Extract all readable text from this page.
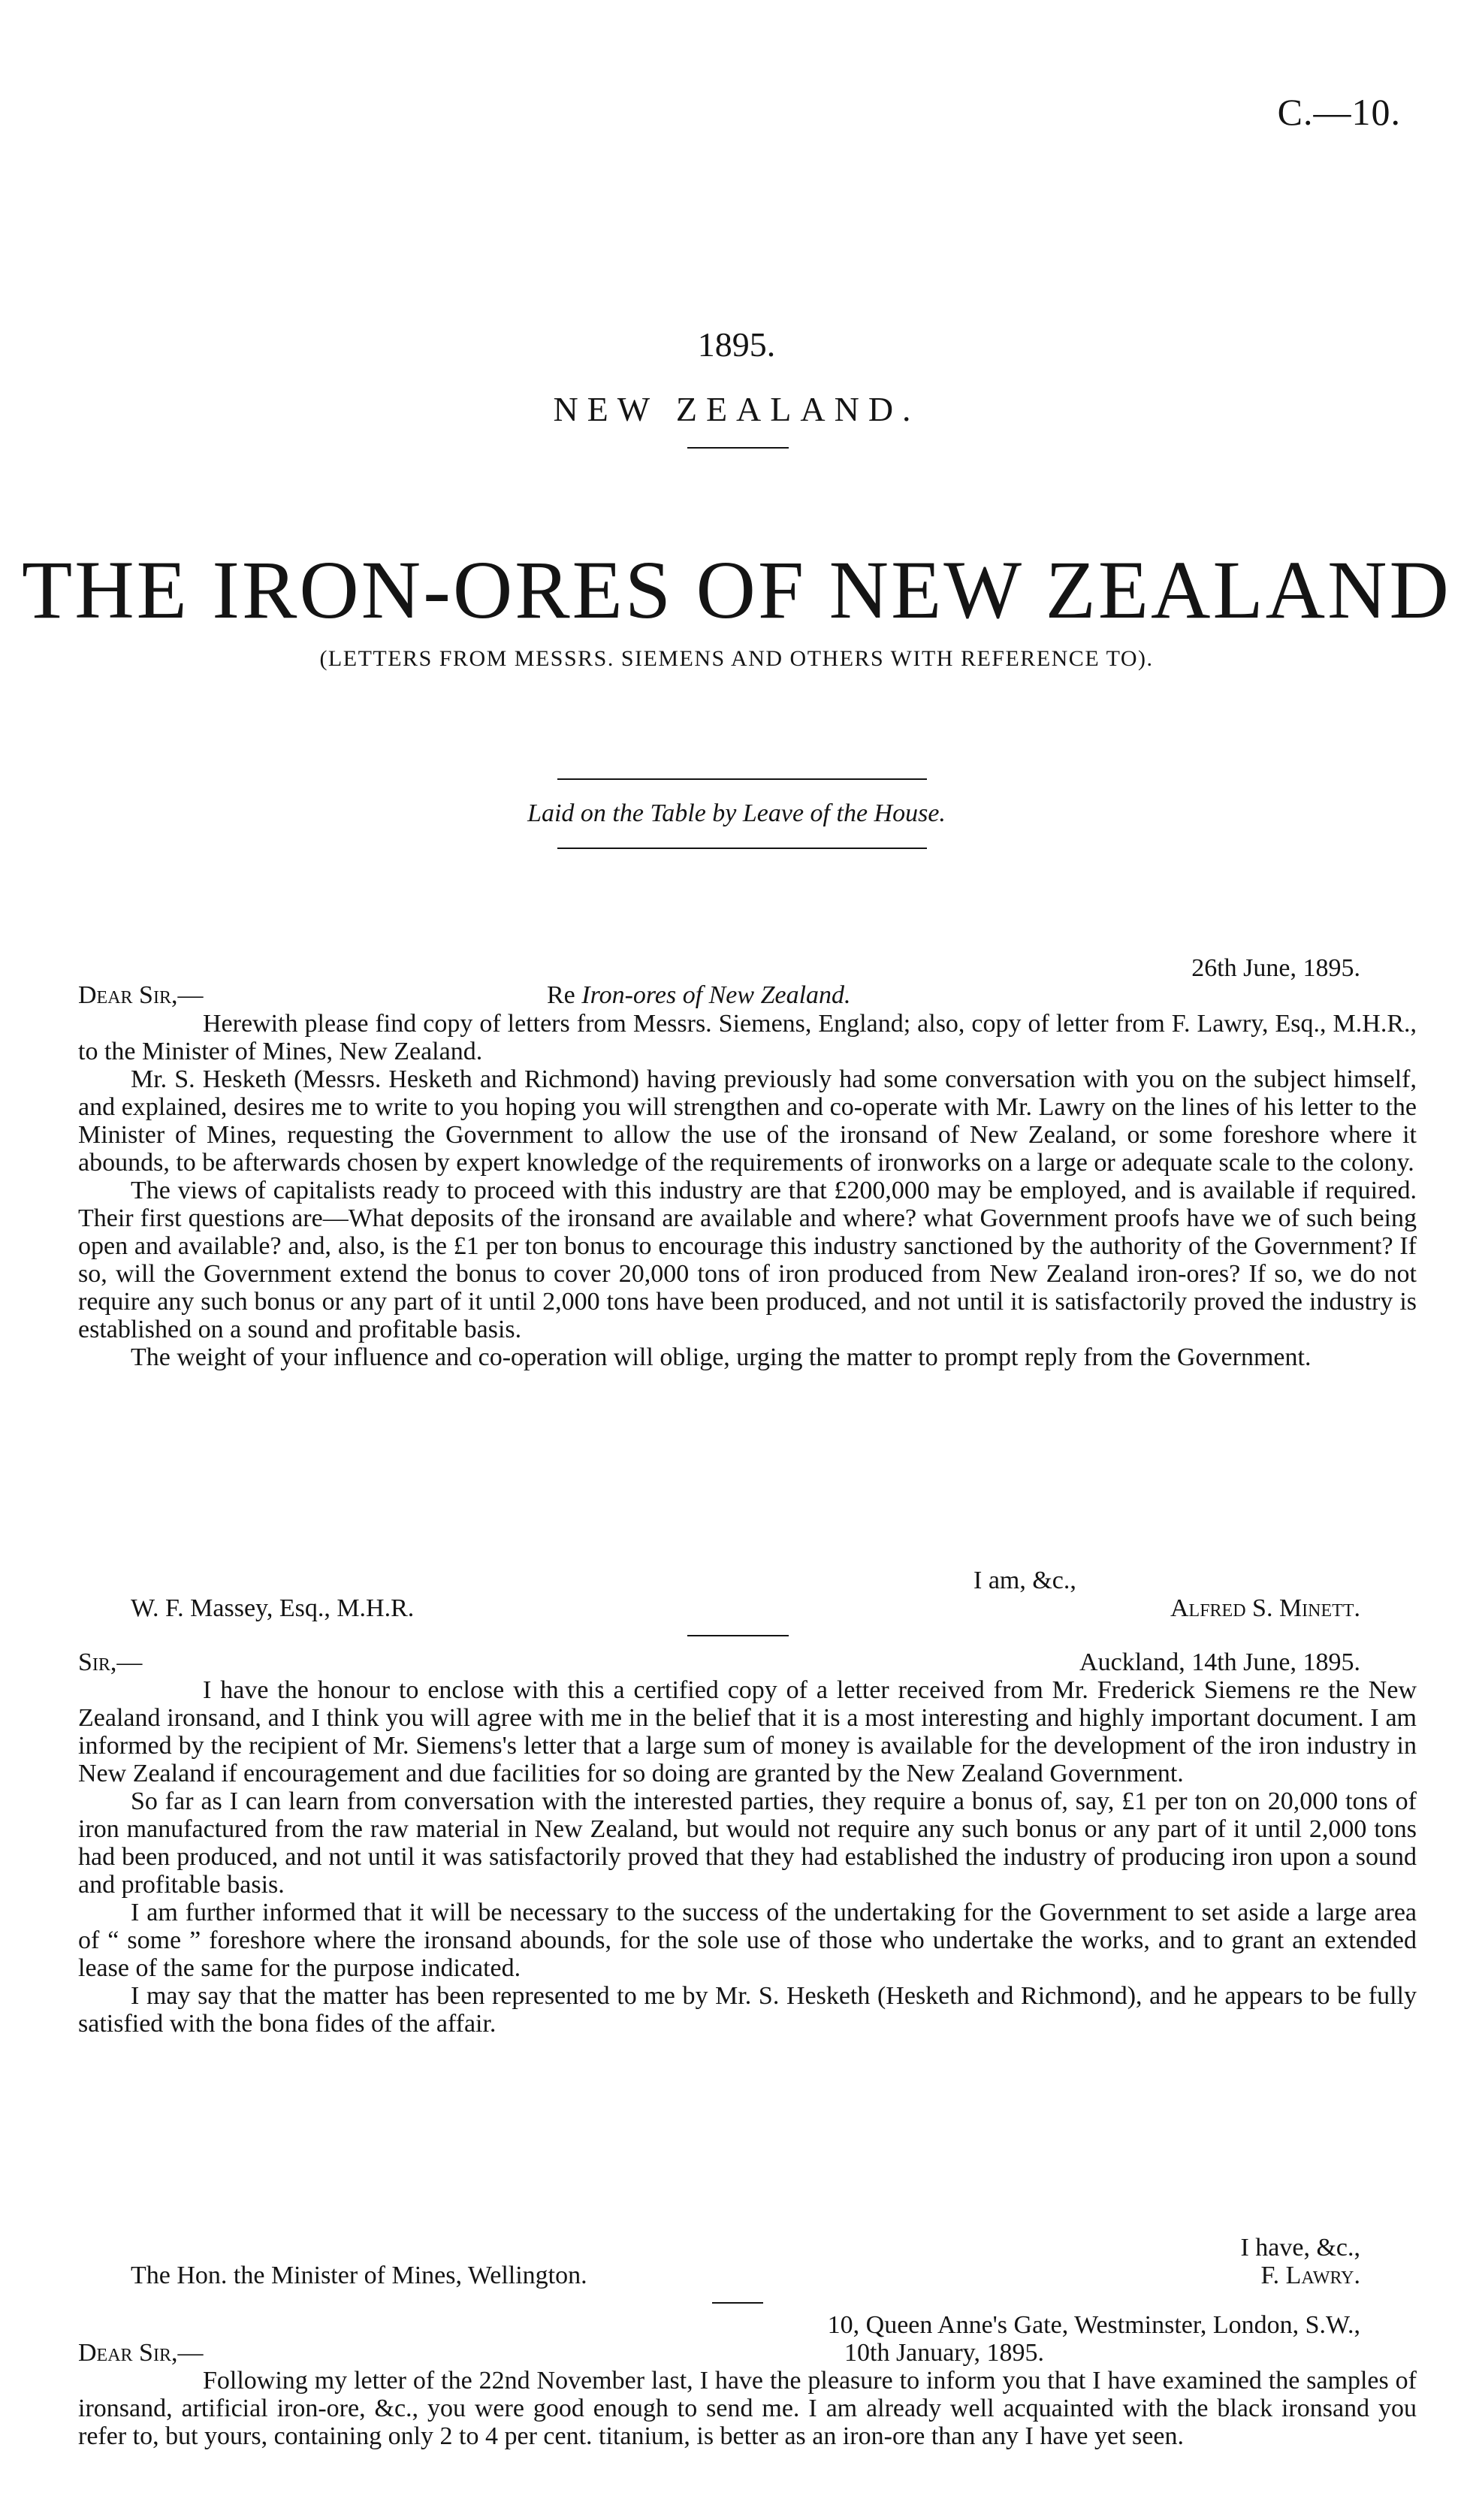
C.—10.
1895.
NEW ZEALAND.
THE IRON-ORES OF NEW ZEALAND
(LETTERS FROM MESSRS. SIEMENS AND OTHERS WITH REFERENCE TO).
Laid on the Table by Leave of the House.
26th June, 1895.
Dear Sir,—	Re Iron-ores of New Zealand.

Herewith please find copy of letters from Messrs. Siemens, England; also, copy of letter from F. Lawry, Esq., M.H.R., to the Minister of Mines, New Zealand.

Mr. S. Hesketh (Messrs. Hesketh and Richmond) having previously had some conversation with you on the subject himself, and explained, desires me to write to you hoping you will strengthen and co-operate with Mr. Lawry on the lines of his letter to the Minister of Mines, requesting the Government to allow the use of the ironsand of New Zealand, or some foreshore where it abounds, to be afterwards chosen by expert knowledge of the requirements of ironworks on a large or adequate scale to the colony.

The views of capitalists ready to proceed with this industry are that £200,000 may be employed, and is available if required. Their first questions are—What deposits of the ironsand are available and where? what Government proofs have we of such being open and available? and, also, is the £1 per ton bonus to encourage this industry sanctioned by the authority of the Government? If so, will the Government extend the bonus to cover 20,000 tons of iron produced from New Zealand iron-ores? If so, we do not require any such bonus or any part of it until 2,000 tons have been produced, and not until it is satisfactorily proved the industry is established on a sound and profitable basis.

The weight of your influence and co-operation will oblige, urging the matter to prompt reply from the Government.

I am, &c.,
W. F. Massey, Esq., M.H.R.	Alfred S. Minett.
Sir,—	Auckland, 14th June, 1895.

I have the honour to enclose with this a certified copy of a letter received from Mr. Frederick Siemens re the New Zealand ironsand, and I think you will agree with me in the belief that it is a most interesting and highly important document. I am informed by the recipient of Mr. Siemens's letter that a large sum of money is available for the development of the iron industry in New Zealand if encouragement and due facilities for so doing are granted by the New Zealand Government.

So far as I can learn from conversation with the interested parties, they require a bonus of, say, £1 per ton on 20,000 tons of iron manufactured from the raw material in New Zealand, but would not require any such bonus or any part of it until 2,000 tons had been produced, and not until it was satisfactorily proved that they had established the industry of producing iron upon a sound and profitable basis.

I am further informed that it will be necessary to the success of the undertaking for the Government to set aside a large area of “ some ” foreshore where the ironsand abounds, for the sole use of those who undertake the works, and to grant an extended lease of the same for the purpose indicated.

I may say that the matter has been represented to me by Mr. S. Hesketh (Hesketh and Richmond), and he appears to be fully satisfied with the bona fides of the affair.

I have, &c.,
The Hon. the Minister of Mines, Wellington.	F. Lawry.
10, Queen Anne's Gate, Westminster, London, S.W.,
Dear Sir,—	10th January, 1895.

Following my letter of the 22nd November last, I have the pleasure to inform you that I have examined the samples of ironsand, artificial iron-ore, &c., you were good enough to send me. I am already well acquainted with the black ironsand you refer to, but yours, containing only 2 to 4 per cent. titanium, is better as an iron-ore than any I have yet seen.
